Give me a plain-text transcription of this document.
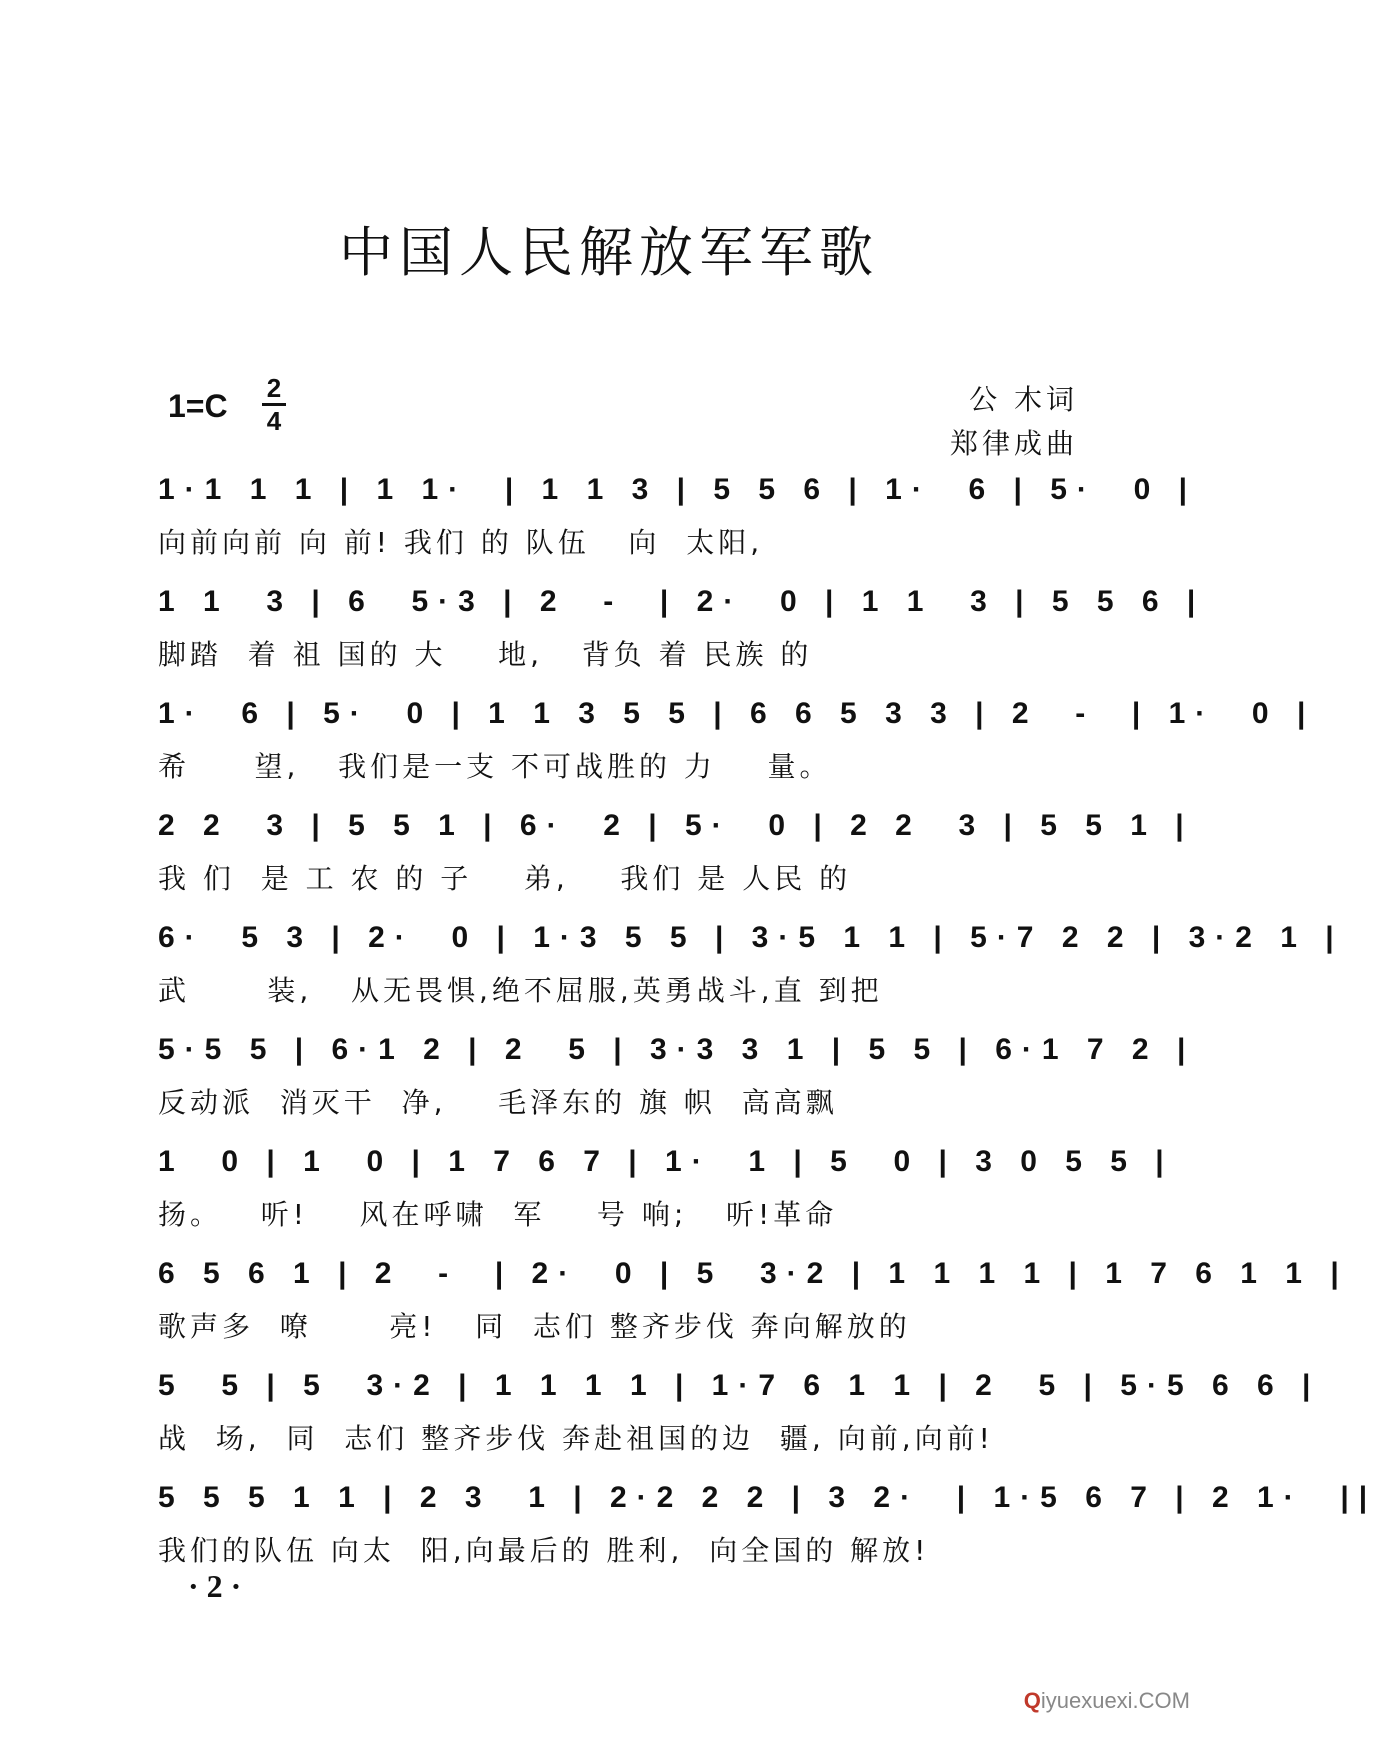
中国人民解放军军歌
1=C 2
4
公 木词
郑律成曲
1·1 1 1 | 1 1·  | 1 1 3 | 5 5 6 | 1·  6 | 5·  0 |
向前向前 向 前! 我们 的 队伍   向  太阳,
1 1  3 | 6  5·3 | 2  -  | 2·  0 | 1 1  3 | 5 5 6 |
脚踏  着 祖 国的 大    地,   背负 着 民族 的
1·  6 | 5·  0 | 1 1 3 5 5 | 6 6 5 3 3 | 2  -  | 1·  0 |
希     望,   我们是一支 不可战胜的 力    量。
2 2  3 | 5 5 1 | 6·  2 | 5·  0 | 2 2  3 | 5 5 1 |
我 们  是 工 农 的 子    弟,    我们 是 人民 的
6·  5 3 | 2·  0 | 1·3 5 5 | 3·5 1 1 | 5·7 2 2 | 3·2 1 |
武      装,   从无畏惧,绝不屈服,英勇战斗,直 到把
5·5 5 | 6·1 2 | 2  5 | 3·3 3 1 | 5 5 | 6·1 7 2 |
反动派  消灭干  净,    毛泽东的 旗 帜  高高飘
1  0 | 1  0 | 1 7 6 7 | 1·  1 | 5  0 | 3 0 5 5 |
扬。   听!    风在呼啸  军    号 响;   听!革命
6 5 6 1 | 2  -  | 2·  0 | 5  3·2 | 1 1 1 1 | 1 7 6 1 1 |
歌声多  嘹      亮!   同  志们 整齐步伐 奔向解放的
5  5 | 5  3·2 | 1 1 1 1 | 1·7 6 1 1 | 2  5 | 5·5 6 6 |
战  场,  同  志们 整齐步伐 奔赴祖国的边  疆, 向前,向前!
5 5 5 1 1 | 2 3  1 | 2·2 2 2 | 3 2·  | 1·5 6 7 | 2 1·  ||
我们的队伍 向太  阳,向最后的 胜利,  向全国的 解放!
· 2 ·
Qiyuexuexi.COM
